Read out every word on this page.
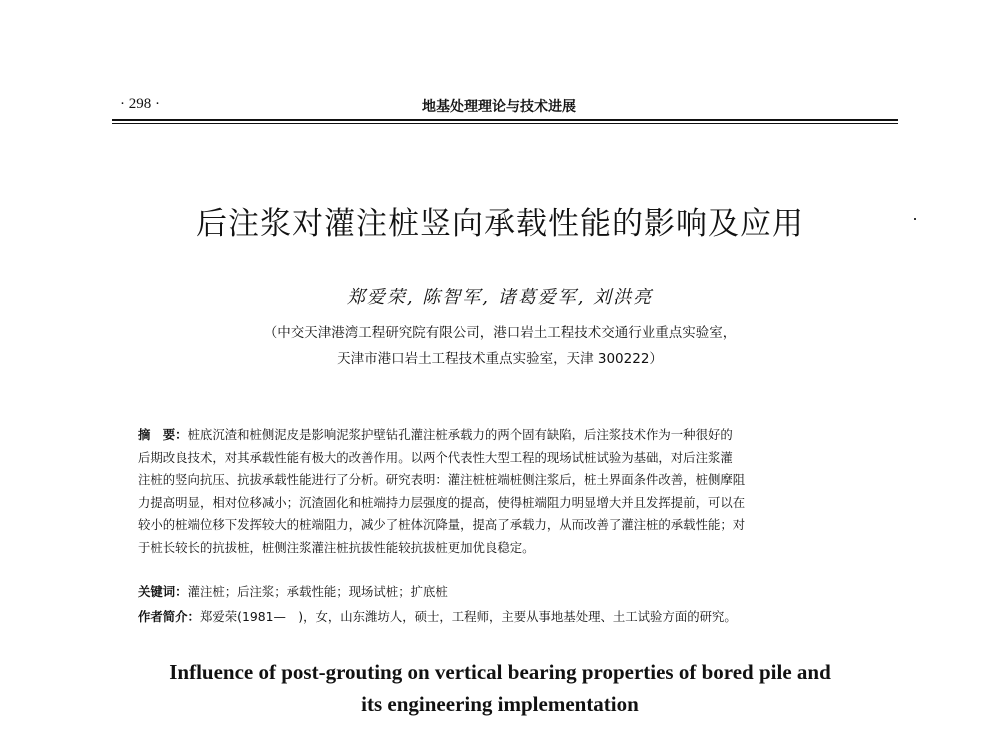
· 298 ·	地基处理理论与技术进展
后注浆对灌注桩竖向承载性能的影响及应用
郑爱荣, 陈智军, 诸葛爱军, 刘洪亮
（中交天津港湾工程研究院有限公司，港口岩土工程技术交通行业重点实验室，
天津市港口岩土工程技术重点实验室，天津 300222）
摘　要：桩底沉渣和桩侧泥皮是影响泥浆护壁钻孔灌注桩承载力的两个固有缺陷，后注浆技术作为一种很好的
后期改良技术，对其承载性能有极大的改善作用。以两个代表性大型工程的现场试桩试验为基础，对后注浆灌
注桩的竖向抗压、抗拔承载性能进行了分析。研究表明：灌注桩桩端桩侧注浆后，桩土界面条件改善，桩侧摩阻
力提高明显，相对位移减小；沉渣固化和桩端持力层强度的提高，使得桩端阻力明显增大并且发挥提前，可以在
较小的桩端位移下发挥较大的桩端阻力，减少了桩体沉降量，提高了承载力，从而改善了灌注桩的承载性能；对
于桩长较长的抗拔桩，桩侧注浆灌注桩抗拔性能较抗拔桩更加优良稳定。
关键词：灌注桩；后注浆；承载性能；现场试桩；扩底桩
作者简介：郑爱荣(1981—　)，女，山东潍坊人，硕士，工程师，主要从事地基处理、土工试验方面的研究。
Influence of post-grouting on vertical bearing properties of bored pile and
its engineering implementation
